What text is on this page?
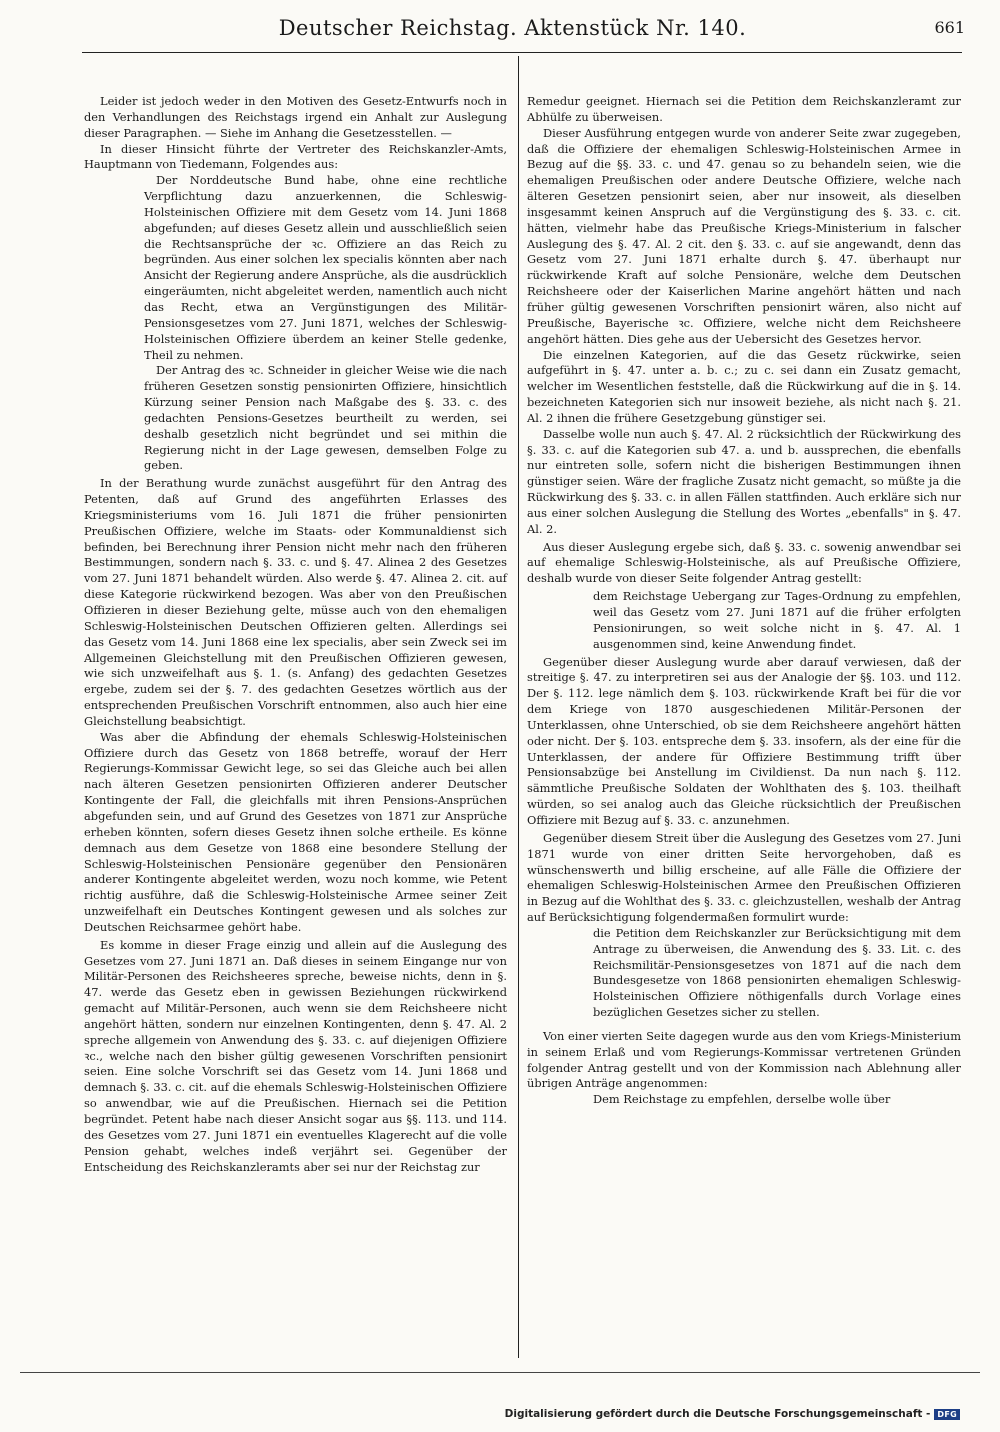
Deutscher Reichstag. Aktenstück Nr. 140.	661

Leider ist jedoch weder in den Motiven des Gesetz-Entwurfs noch in den Verhandlungen des Reichstags irgend ein Anhalt zur Auslegung dieser Paragraphen. — Siehe im Anhang die Gesetzesstellen. —

In dieser Hinsicht führte der Vertreter des Reichskanzler-Amts, Hauptmann von Tiedemann, Folgendes aus:

Der Norddeutsche Bund habe, ohne eine rechtliche Verpflichtung dazu anzuerkennen, die Schleswig-Holsteinischen Offiziere mit dem Gesetz vom 14. Juni 1868 abgefunden; auf dieses Gesetz allein und ausschließlich seien die Rechtsansprüche der ꝛc. Offiziere an das Reich zu begründen. Aus einer solchen lex specialis könnten aber nach Ansicht der Regierung andere Ansprüche, als die ausdrücklich eingeräumten, nicht abgeleitet werden, namentlich auch nicht das Recht, etwa an Vergünstigungen des Militär-Pensionsgesetzes vom 27. Juni 1871, welches der Schleswig-Holsteinischen Offiziere überdem an keiner Stelle gedenke, Theil zu nehmen.

Der Antrag des ꝛc. Schneider in gleicher Weise wie die nach früheren Gesetzen sonstig pensionirten Offiziere, hinsichtlich Kürzung seiner Pension nach Maßgabe des §. 33. c. des gedachten Pensions-Gesetzes beurtheilt zu werden, sei deshalb gesetzlich nicht begründet und sei mithin die Regierung nicht in der Lage gewesen, demselben Folge zu geben.

In der Berathung wurde zunächst ausgeführt für den Antrag des Petenten, daß auf Grund des angeführten Erlasses des Kriegsministeriums vom 16. Juli 1871 die früher pensionirten Preußischen Offiziere, welche im Staats- oder Kommunaldienst sich befinden, bei Berechnung ihrer Pension nicht mehr nach den früheren Bestimmungen, sondern nach §. 33. c. und §. 47. Alinea 2 des Gesetzes vom 27. Juni 1871 behandelt würden. Also werde §. 47. Alinea 2. cit. auf diese Kategorie rückwirkend bezogen. Was aber von den Preußischen Offizieren in dieser Beziehung gelte, müsse auch von den ehemaligen Schleswig-Holsteinischen Deutschen Offizieren gelten. Allerdings sei das Gesetz vom 14. Juni 1868 eine lex specialis, aber sein Zweck sei im Allgemeinen Gleichstellung mit den Preußischen Offizieren gewesen, wie sich unzweifelhaft aus §. 1. (s. Anfang) des gedachten Gesetzes ergebe, zudem sei der §. 7. des gedachten Gesetzes wörtlich aus der entsprechenden Preußischen Vorschrift entnommen, also auch hier eine Gleichstellung beabsichtigt.

Was aber die Abfindung der ehemals Schleswig-Holsteinischen Offiziere durch das Gesetz von 1868 betreffe, worauf der Herr Regierungs-Kommissar Gewicht lege, so sei das Gleiche auch bei allen nach älteren Gesetzen pensionirten Offizieren anderer Deutscher Kontingente der Fall, die gleichfalls mit ihren Pensions-Ansprüchen abgefunden sein, und auf Grund des Gesetzes von 1871 zur Ansprüche erheben könnten, sofern dieses Gesetz ihnen solche ertheile. Es könne demnach aus dem Gesetze von 1868 eine besondere Stellung der Schleswig-Holsteinischen Pensionäre gegenüber den Pensionären anderer Kontingente abgeleitet werden, wozu noch komme, wie Petent richtig ausführe, daß die Schleswig-Holsteinische Armee seiner Zeit unzweifelhaft ein Deutsches Kontingent gewesen und als solches zur Deutschen Reichsarmee gehört habe.

Es komme in dieser Frage einzig und allein auf die Auslegung des Gesetzes vom 27. Juni 1871 an. Daß dieses in seinem Eingange nur von Militär-Personen des Reichsheeres spreche, beweise nichts, denn in §. 47. werde das Gesetz eben in gewissen Beziehungen rückwirkend gemacht auf Militär-Personen, auch wenn sie dem Reichsheere nicht angehört hätten, sondern nur einzelnen Kontingenten, denn §. 47. Al. 2 spreche allgemein von Anwendung des §. 33. c. auf diejenigen Offiziere ꝛc., welche nach den bisher gültig gewesenen Vorschriften pensionirt seien. Eine solche Vorschrift sei das Gesetz vom 14. Juni 1868 und demnach §. 33. c. cit. auf die ehemals Schleswig-Holsteinischen Offiziere so anwendbar, wie auf die Preußischen. Hiernach sei die Petition begründet. Petent habe nach dieser Ansicht sogar aus §§. 113. und 114. des Gesetzes vom 27. Juni 1871 ein eventuelles Klagerecht auf die volle Pension gehabt, welches indeß verjährt sei. Gegenüber der Entscheidung des Reichskanzleramts aber sei nur der Reichstag zur

Remedur geeignet. Hiernach sei die Petition dem Reichskanzleramt zur Abhülfe zu überweisen.

Dieser Ausführung entgegen wurde von anderer Seite zwar zugegeben, daß die Offiziere der ehemaligen Schleswig-Holsteinischen Armee in Bezug auf die §§. 33. c. und 47. genau so zu behandeln seien, wie die ehemaligen Preußischen oder andere Deutsche Offiziere, welche nach älteren Gesetzen pensionirt seien, aber nur insoweit, als dieselben insgesammt keinen Anspruch auf die Vergünstigung des §. 33. c. cit. hätten, vielmehr habe das Preußische Kriegs-Ministerium in falscher Auslegung des §. 47. Al. 2 cit. den §. 33. c. auf sie angewandt, denn das Gesetz vom 27. Juni 1871 erhalte durch §. 47. überhaupt nur rückwirkende Kraft auf solche Pensionäre, welche dem Deutschen Reichsheere oder der Kaiserlichen Marine angehört hätten und nach früher gültig gewesenen Vorschriften pensionirt wären, also nicht auf Preußische, Bayerische ꝛc. Offiziere, welche nicht dem Reichsheere angehört hätten. Dies gehe aus der Uebersicht des Gesetzes hervor.

Die einzelnen Kategorien, auf die das Gesetz rückwirke, seien aufgeführt in §. 47. unter a. b. c.; zu c. sei dann ein Zusatz gemacht, welcher im Wesentlichen feststelle, daß die Rückwirkung auf die in §. 14. bezeichneten Kategorien sich nur insoweit beziehe, als nicht nach §. 21. Al. 2 ihnen die frühere Gesetzgebung günstiger sei.

Dasselbe wolle nun auch §. 47. Al. 2 rücksichtlich der Rückwirkung des §. 33. c. auf die Kategorien sub 47. a. und b. aussprechen, die ebenfalls nur eintreten solle, sofern nicht die bisherigen Bestimmungen ihnen günstiger seien. Wäre der fragliche Zusatz nicht gemacht, so müßte ja die Rückwirkung des §. 33. c. in allen Fällen stattfinden. Auch erkläre sich nur aus einer solchen Auslegung die Stellung des Wortes „ebenfalls" in §. 47. Al. 2.

Aus dieser Auslegung ergebe sich, daß §. 33. c. sowenig anwendbar sei auf ehemalige Schleswig-Holsteinische, als auf Preußische Offiziere, deshalb wurde von dieser Seite folgender Antrag gestellt:

dem Reichstage Uebergang zur Tages-Ordnung zu empfehlen, weil das Gesetz vom 27. Juni 1871 auf die früher erfolgten Pensionirungen, so weit solche nicht in §. 47. Al. 1 ausgenommen sind, keine Anwendung findet.

Gegenüber dieser Auslegung wurde aber darauf verwiesen, daß der streitige §. 47. zu interpretiren sei aus der Analogie der §§. 103. und 112. Der §. 112. lege nämlich dem §. 103. rückwirkende Kraft bei für die vor dem Kriege von 1870 ausgeschiedenen Militär-Personen der Unterklassen, ohne Unterschied, ob sie dem Reichsheere angehört hätten oder nicht. Der §. 103. entspreche dem §. 33. insofern, als der eine für die Unterklassen, der andere für Offiziere Bestimmung trifft über Pensionsabzüge bei Anstellung im Civildienst. Da nun nach §. 112. sämmtliche Preußische Soldaten der Wohlthaten des §. 103. theilhaft würden, so sei analog auch das Gleiche rücksichtlich der Preußischen Offiziere mit Bezug auf §. 33. c. anzunehmen.

Gegenüber diesem Streit über die Auslegung des Gesetzes vom 27. Juni 1871 wurde von einer dritten Seite hervorgehoben, daß es wünschenswerth und billig erscheine, auf alle Fälle die Offiziere der ehemaligen Schleswig-Holsteinischen Armee den Preußischen Offizieren in Bezug auf die Wohlthat des §. 33. c. gleichzustellen, weshalb der Antrag auf Berücksichtigung folgendermaßen formulirt wurde:

die Petition dem Reichskanzler zur Berücksichtigung mit dem Antrage zu überweisen, die Anwendung des §. 33. Lit. c. des Reichsmilitär-Pensionsgesetzes von 1871 auf die nach dem Bundesgesetze von 1868 pensionirten ehemaligen Schleswig-Holsteinischen Offiziere nöthigenfalls durch Vorlage eines bezüglichen Gesetzes sicher zu stellen.

Von einer vierten Seite dagegen wurde aus den vom Kriegs-Ministerium in seinem Erlaß und vom Regierungs-Kommissar vertretenen Gründen folgender Antrag gestellt und von der Kommission nach Ablehnung aller übrigen Anträge angenommen:

Dem Reichstage zu empfehlen, derselbe wolle über

Digitalisierung gefördert durch die Deutsche Forschungsgemeinschaft - DFG
